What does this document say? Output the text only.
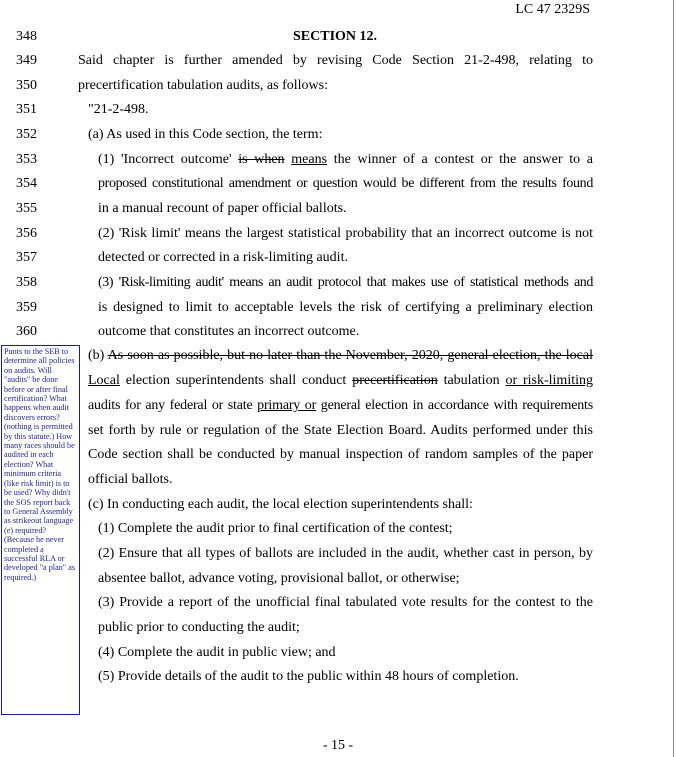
LC 47 2329S
348	SECTION 12.
349	Said chapter is further amended by revising Code Section 21-2-498, relating to
350	precertification tabulation audits, as follows:
351	"21-2-498.
352	(a) As used in this Code section, the term:
353	(1) 'Incorrect outcome' is when means the winner of a contest or the answer to a
354	proposed constitutional amendment or question would be different from the results found
355	in a manual recount of paper official ballots.
356	(2) 'Risk limit' means the largest statistical probability that an incorrect outcome is not
357	detected or corrected in a risk-limiting audit.
358	(3) 'Risk-limiting audit' means an audit protocol that makes use of statistical methods and
359	is designed to limit to acceptable levels the risk of certifying a preliminary election
360	outcome that constitutes an incorrect outcome.
Punts to the SEB to determine all policies on audits. Will "audits" be done before or after final certification? What happens when audit discovers errors? (nothing is permitted by this statute.) How many races should be audited in each election? What minimum criteria (like risk limit) is to be used? Why didn't the SOS report back to General Assembly as strikeout language (e) required? (Because he never completed a successful RLA or developed "a plan" as required.)
(b) As soon as possible, but no later than the November, 2020, general election, the local
Local election superintendents shall conduct precertification tabulation or risk-limiting
audits for any federal or state primary or general election in accordance with requirements
set forth by rule or regulation of the State Election Board. Audits performed under this
Code section shall be conducted by manual inspection of random samples of the paper
official ballots.
(c) In conducting each audit, the local election superintendents shall:
(1) Complete the audit prior to final certification of the contest;
(2) Ensure that all types of ballots are included in the audit, whether cast in person, by
absentee ballot, advance voting, provisional ballot, or otherwise;
(3) Provide a report of the unofficial final tabulated vote results for the contest to the
public prior to conducting the audit;
(4) Complete the audit in public view; and
(5) Provide details of the audit to the public within 48 hours of completion.
- 15 -
